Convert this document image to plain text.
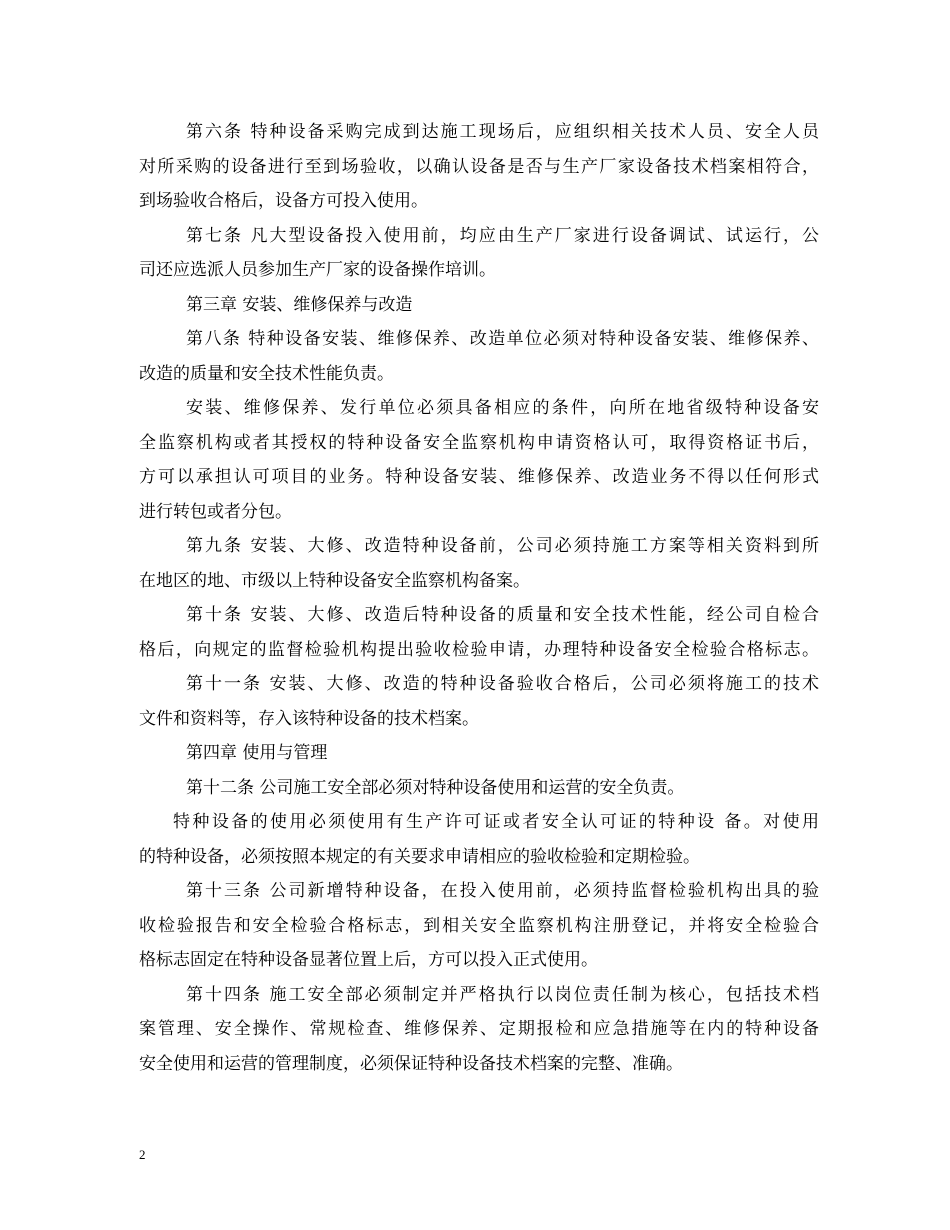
第六条 特种设备采购完成到达施工现场后，应组织相关技术人员、安全人员
对所采购的设备进行至到场验收，以确认设备是否与生产厂家设备技术档案相符合，
到场验收合格后，设备方可投入使用。
第七条 凡大型设备投入使用前，均应由生产厂家进行设备调试、试运行，公
司还应选派人员参加生产厂家的设备操作培训。
第三章 安装、维修保养与改造
第八条 特种设备安装、维修保养、改造单位必须对特种设备安装、维修保养、
改造的质量和安全技术性能负责。
安装、维修保养、发行单位必须具备相应的条件，向所在地省级特种设备安
全监察机构或者其授权的特种设备安全监察机构申请资格认可，取得资格证书后，
方可以承担认可项目的业务。特种设备安装、维修保养、改造业务不得以任何形式
进行转包或者分包。
第九条 安装、大修、改造特种设备前，公司必须持施工方案等相关资料到所
在地区的地、市级以上特种设备安全监察机构备案。
第十条 安装、大修、改造后特种设备的质量和安全技术性能，经公司自检合
格后，向规定的监督检验机构提出验收检验申请，办理特种设备安全检验合格标志。
第十一条 安装、大修、改造的特种设备验收合格后，公司必须将施工的技术
文件和资料等，存入该特种设备的技术档案。
第四章 使用与管理
第十二条 公司施工安全部必须对特种设备使用和运营的安全负责。
特种设备的使用必须使用有生产许可证或者安全认可证的特种设 备。对使用
的特种设备，必须按照本规定的有关要求申请相应的验收检验和定期检验。
第十三条 公司新增特种设备，在投入使用前，必须持监督检验机构出具的验
收检验报告和安全检验合格标志，到相关安全监察机构注册登记，并将安全检验合
格标志固定在特种设备显著位置上后，方可以投入正式使用。
第十四条 施工安全部必须制定并严格执行以岗位责任制为核心，包括技术档
案管理、安全操作、常规检查、维修保养、定期报检和应急措施等在内的特种设备
安全使用和运营的管理制度，必须保证特种设备技术档案的完整、准确。
2
